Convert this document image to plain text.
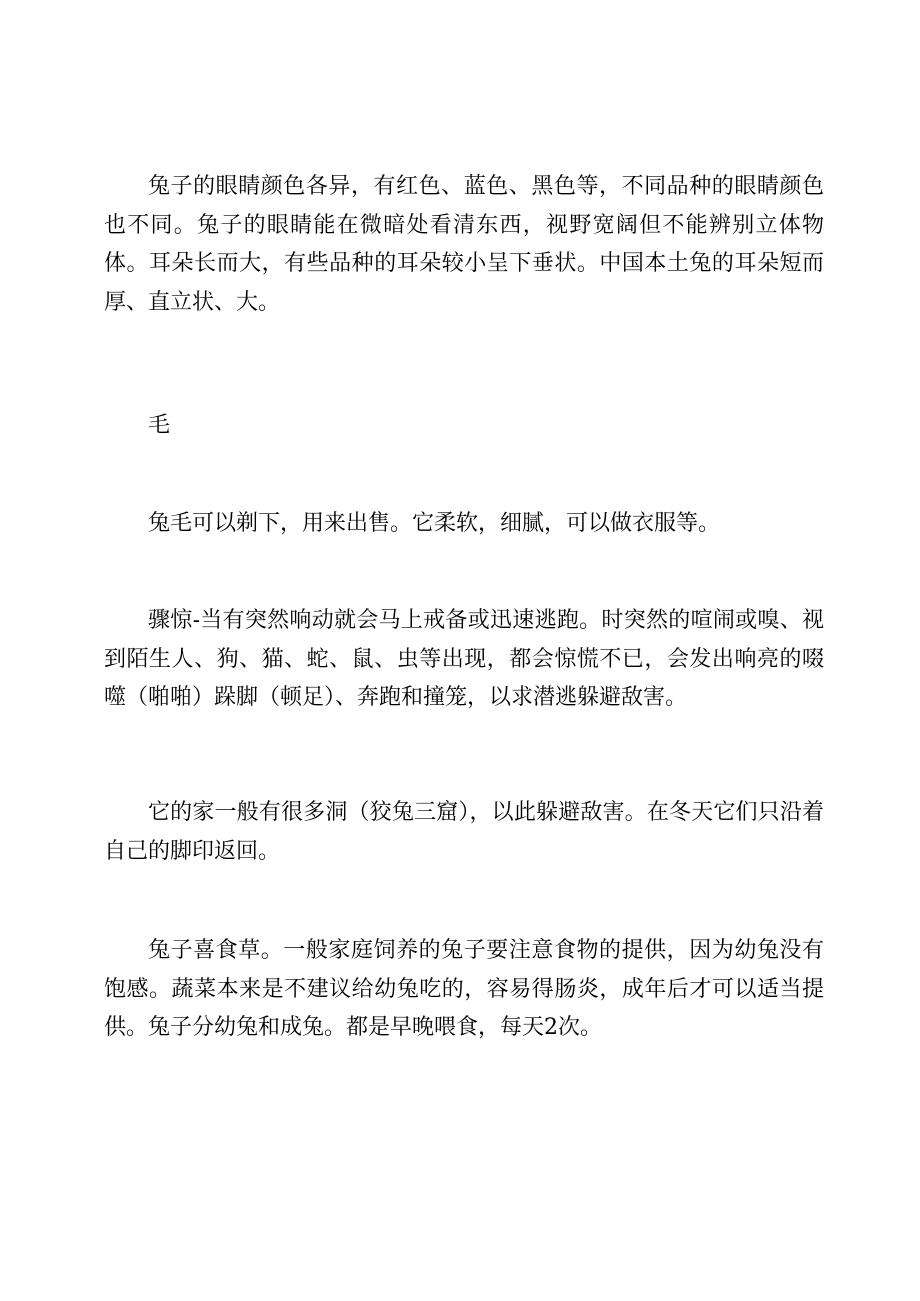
兔子的眼睛颜色各异，有红色、蓝色、黑色等，不同品种的眼睛颜色也不同。兔子的眼睛能在微暗处看清东西，视野宽阔但不能辨别立体物体。耳朵长而大，有些品种的耳朵较小呈下垂状。中国本土兔的耳朵短而厚、直立状、大。

毛

兔毛可以剃下，用来出售。它柔软，细腻，可以做衣服等。

骤惊-当有突然响动就会马上戒备或迅速逃跑。时突然的喧闹或嗅、视到陌生人、狗、猫、蛇、鼠、虫等出现，都会惊慌不已，会发出响亮的啜噬（啪啪）跺脚（顿足）、奔跑和撞笼，以求潜逃躲避敌害。

它的家一般有很多洞（狡兔三窟），以此躲避敌害。在冬天它们只沿着自己的脚印返回。

兔子喜食草。一般家庭饲养的兔子要注意食物的提供，因为幼兔没有饱感。蔬菜本来是不建议给幼兔吃的，容易得肠炎，成年后才可以适当提供。兔子分幼兔和成兔。都是早晚喂食，每天2次。
